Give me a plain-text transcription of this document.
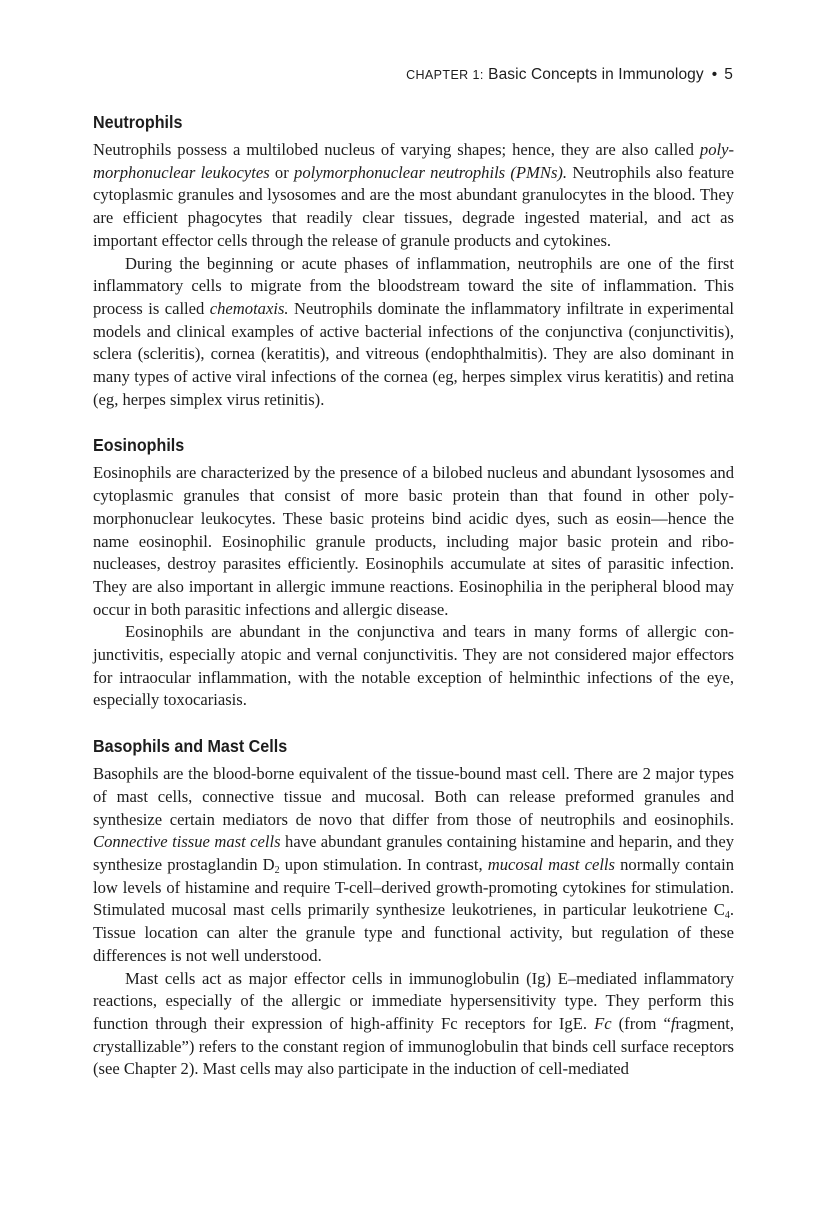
CHAPTER 1: Basic Concepts in Immunology • 5
Neutrophils

Neutrophils possess a multilobed nucleus of varying shapes; hence, they are also called polymorphonuclear leukocytes or polymorphonuclear neutrophils (PMNs). Neutrophils also feature cytoplasmic granules and lysosomes and are the most abundant granulocytes in the blood. They are efficient phagocytes that readily clear tissues, degrade ingested material, and act as important effector cells through the release of granule products and cytokines.

During the beginning or acute phases of inflammation, neutrophils are one of the first inflammatory cells to migrate from the bloodstream toward the site of inflammation. This process is called chemotaxis. Neutrophils dominate the inflammatory infiltrate in experimental models and clinical examples of active bacterial infections of the conjunctiva (conjunctivitis), sclera (scleritis), cornea (keratitis), and vitreous (endophthalmitis). They are also dominant in many types of active viral infections of the cornea (eg, herpes simplex virus keratitis) and retina (eg, herpes simplex virus retinitis).

Eosinophils

Eosinophils are characterized by the presence of a bilobed nucleus and abundant lysosomes and cytoplasmic granules that consist of more basic protein than that found in other polymorphonuclear leukocytes. These basic proteins bind acidic dyes, such as eosin—hence the name eosinophil. Eosinophilic granule products, including major basic protein and ribonucleases, destroy parasites efficiently. Eosinophils accumulate at sites of parasitic infection. They are also important in allergic immune reactions. Eosinophilia in the peripheral blood may occur in both parasitic infections and allergic disease.

Eosinophils are abundant in the conjunctiva and tears in many forms of allergic conjunctivitis, especially atopic and vernal conjunctivitis. They are not considered major effectors for intraocular inflammation, with the notable exception of helminthic infections of the eye, especially toxocariasis.

Basophils and Mast Cells

Basophils are the blood-borne equivalent of the tissue-bound mast cell. There are 2 major types of mast cells, connective tissue and mucosal. Both can release preformed granules and synthesize certain mediators de novo that differ from those of neutrophils and eosinophils. Connective tissue mast cells have abundant granules containing histamine and heparin, and they synthesize prostaglandin $D_2$ upon stimulation. In contrast, mucosal mast cells normally contain low levels of histamine and require T-cell–derived growth-promoting cytokines for stimulation. Stimulated mucosal mast cells primarily synthesize leukotrienes, in particular leukotriene $C_4$. Tissue location can alter the granule type and functional activity, but regulation of these differences is not well understood.

Mast cells act as major effector cells in immunoglobulin (Ig) E–mediated inflammatory reactions, especially of the allergic or immediate hypersensitivity type. They perform this function through their expression of high-affinity Fc receptors for IgE. Fc (from “fragment, crystallizable”) refers to the constant region of immunoglobulin that binds cell surface receptors (see Chapter 2). Mast cells may also participate in the induction of cell-mediated
